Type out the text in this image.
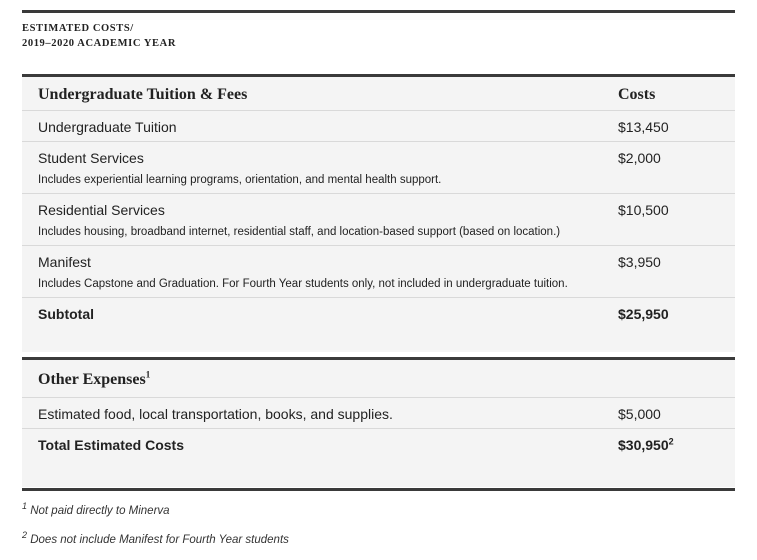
ESTIMATED COSTS/
2019–2020 ACADEMIC YEAR
Undergraduate Tuition & Fees	Costs
Undergraduate Tuition	$13,450
Student Services	$2,000
Includes experiential learning programs, orientation, and mental health support.
Residential Services	$10,500
Includes housing, broadband internet, residential staff, and location-based support (based on location.)
Manifest	$3,950
Includes Capstone and Graduation. For Fourth Year students only, not included in undergraduate tuition.
Subtotal	$25,950
Other Expenses$^1$
Estimated food, local transportation, books, and supplies.	$5,000
Total Estimated Costs	$30,950$^2$
$^1$ Not paid directly to Minerva
$^2$ Does not include Manifest for Fourth Year students
